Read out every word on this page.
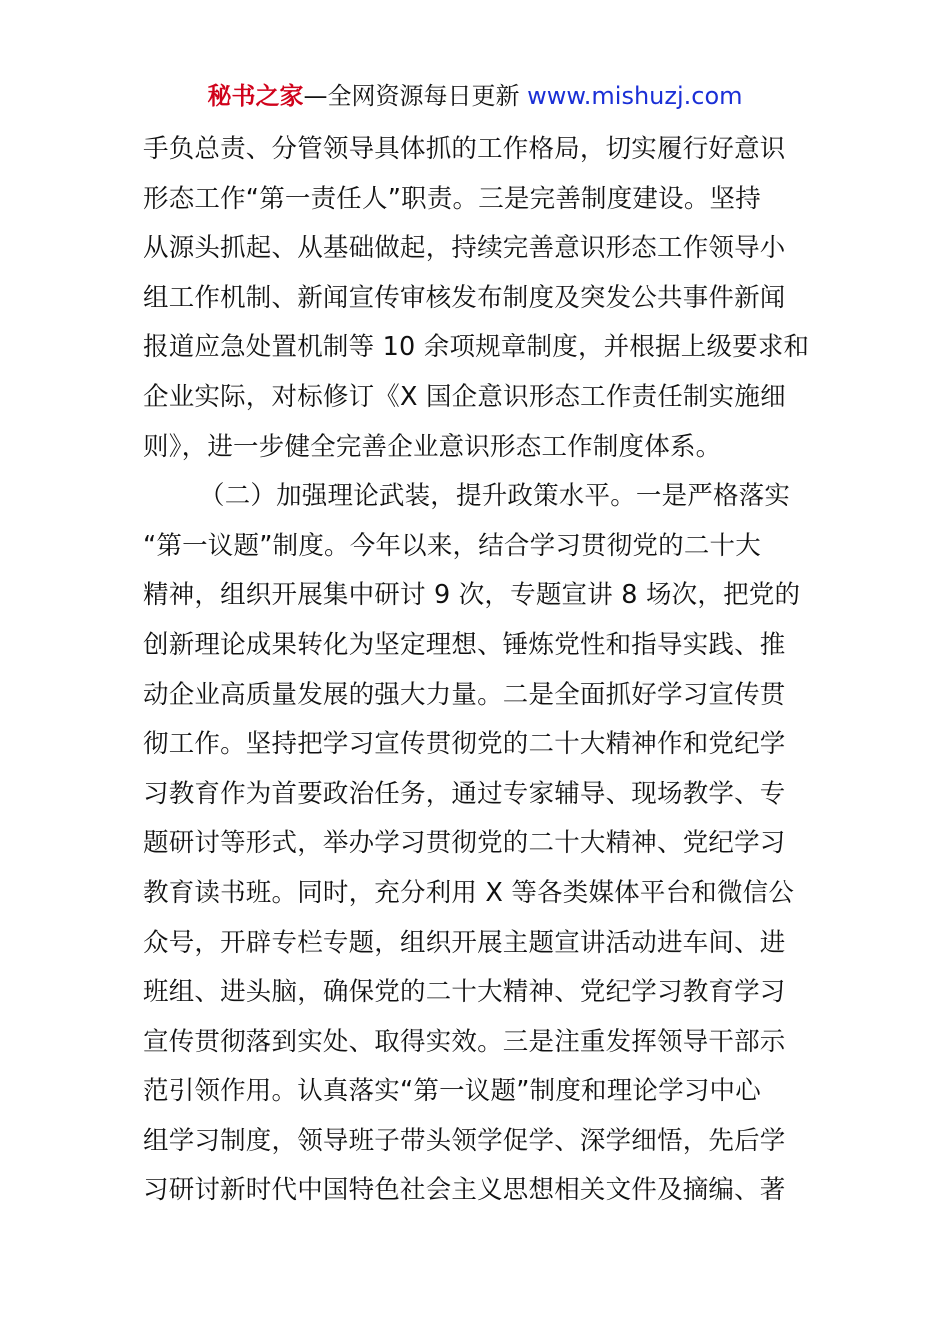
秘书之家—全网资源每日更新 www.mishuzj.com
手负总责、分管领导具体抓的工作格局，切实履行好意识
形态工作“第一责任人”职责。三是完善制度建设。坚持
从源头抓起、从基础做起，持续完善意识形态工作领导小
组工作机制、新闻宣传审核发布制度及突发公共事件新闻
报道应急处置机制等 10 余项规章制度，并根据上级要求和
企业实际，对标修订《X 国企意识形态工作责任制实施细
则》，进一步健全完善企业意识形态工作制度体系。
（二）加强理论武装，提升政策水平。一是严格落实
“第一议题”制度。今年以来，结合学习贯彻党的二十大
精神，组织开展集中研讨 9 次，专题宣讲 8 场次，把党的
创新理论成果转化为坚定理想、锤炼党性和指导实践、推
动企业高质量发展的强大力量。二是全面抓好学习宣传贯
彻工作。坚持把学习宣传贯彻党的二十大精神作和党纪学
习教育作为首要政治任务，通过专家辅导、现场教学、专
题研讨等形式，举办学习贯彻党的二十大精神、党纪学习
教育读书班。同时，充分利用 X 等各类媒体平台和微信公
众号，开辟专栏专题，组织开展主题宣讲活动进车间、进
班组、进头脑，确保党的二十大精神、党纪学习教育学习
宣传贯彻落到实处、取得实效。三是注重发挥领导干部示
范引领作用。认真落实“第一议题”制度和理论学习中心
组学习制度，领导班子带头领学促学、深学细悟，先后学
习研讨新时代中国特色社会主义思想相关文件及摘编、著
